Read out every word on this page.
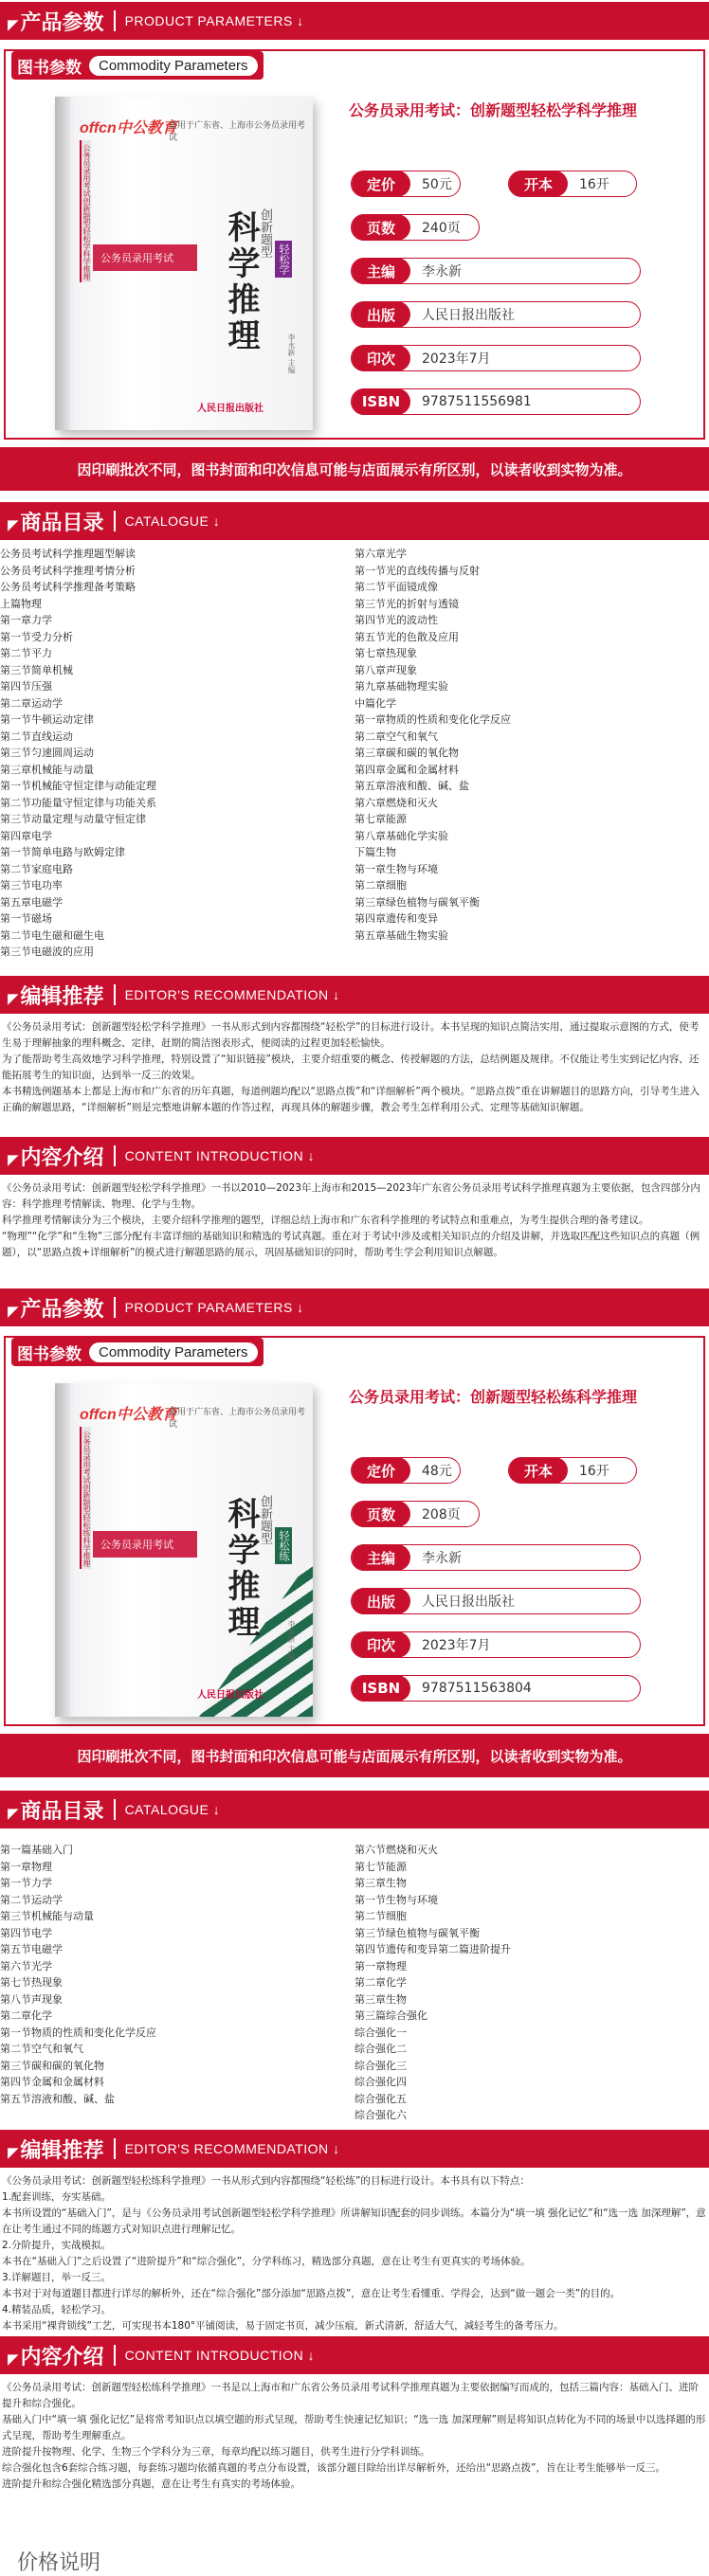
◤产品参数 PRODUCT PARAMETERS ↓
图书参数	Commodity Parameters
offcn中公教育
适用于广东省、上海市公务员录用考试
公务员录用考试创新题型轻松学科学推理 公务员录用考试	科学推理
创新题型
轻松学
李永新 主编
人民日报出版社
公务员录用考试：创新题型轻松学科学推理
定价	50元	开本	16开
页数	240页
主编	李永新
出版	人民日报出版社
印次	2023年7月
ISBN	9787511556981
因印刷批次不同，图书封面和印次信息可能与店面展示有所区别，以读者收到实物为准。
◤商品目录 CATALOGUE ↓
公务员考试科学推理题型解读
公务员考试科学推理考情分析
公务员考试科学推理备考策略
上篇物理
第一章力学
第一节受力分析
第二节平力
第三节简单机械
第四节压强
第二章运动学
第一节牛顿运动定律
第二节直线运动
第三节匀速圆周运动
第三章机械能与动量
第一节机械能守恒定律与动能定理
第二节功能量守恒定律与功能关系
第三节动量定理与动量守恒定律
第四章电学
第一节简单电路与欧姆定律
第二节家庭电路
第三节电功率
第五章电磁学
第一节磁场
第二节电生磁和磁生电
第三节电磁波的应用
第六章光学
第一节光的直线传播与反射
第二节平面镜成像
第三节光的折射与透镜
第四节光的波动性
第五节光的色散及应用
第七章热现象
第八章声现象
第九章基础物理实验
中篇化学
第一章物质的性质和变化化学反应
第二章空气和氧气
第三章碳和碳的氧化物
第四章金属和金属材料
第五章溶液和酸、碱、盐
第六章燃烧和灭火
第七章能源
第八章基础化学实验
下篇生物
第一章生物与环境
第二章细胞
第三章绿色植物与碳氧平衡
第四章遗传和变异
第五章基础生物实验
◤编辑推荐 EDITOR'S RECOMMENDATION ↓

《公务员录用考试：创新题型轻松学科学推理》一书从形式到内容都围绕“轻松学”的目标进行设计。本书呈现的知识点简洁实用，通过提取示意图的方式，使考生易于理解抽象的理科概念、定律，赶期的简洁图表形式，便阅读的过程更加轻松愉快。

为了能帮助考生高效地学习科学推理，特别设置了“知识链接”模块，主要介绍重要的概念、传授解题的方法，总结例题及规律。不仅能让考生实到记忆内容，还能拓展考生的知识面，达到举一反三的效果。

本书精选例题基本上都是上海市和广东省的历年真题，每道例题均配以“思路点拨”和“详细解析”两个模块。“思路点拨”重在讲解题目的思路方向，引导考生进入正确的解题思路，“详细解析”则是完整地讲解本题的作答过程，再现具体的解题步骤，教会考生怎样利用公式、定理等基础知识解题。

◤内容介绍 CONTENT INTRODUCTION ↓

《公务员录用考试：创新题型轻松学科学推理》一书以2010—2023年上海市和2015—2023年广东省公务员录用考试科学推理真题为主要依据，包含四部分内容：科学推理考情解读、物理、化学与生物。

科学推理考情解读分为三个模块，主要介绍科学推理的题型，详细总结上海市和广东省科学推理的考试特点和重难点，为考生提供合理的备考建议。

“物理”“化学”和“生物”三部分配有丰富详细的基础知识和精选的考试真题。重在对于考试中涉及或相关知识点的介绍及讲解，并选取匹配这些知识点的真题（例题），以“思路点拨+详细解析”的模式进行解题思路的展示，巩固基础知识的同时，帮助考生学会利用知识点解题。

◤产品参数 PRODUCT PARAMETERS ↓
图书参数	Commodity Parameters
offcn中公教育
适用于广东省、上海市公务员录用考试
公务员录用考试创新题型轻松练科学推理 公务员录用考试	科学推理
创新题型
轻松练
李永新 主编
人民日报出版社
公务员录用考试：创新题型轻松练科学推理
定价	48元	开本	16开
页数	208页
主编	李永新
出版	人民日报出版社
印次	2023年7月
ISBN	9787511563804
因印刷批次不同，图书封面和印次信息可能与店面展示有所区别，以读者收到实物为准。
◤商品目录 CATALOGUE ↓
第一篇基础入门
第一章物理
第一节力学
第二节运动学
第三节机械能与动量
第四节电学
第五节电磁学
第六节光学
第七节热现象
第八节声现象
第二章化学
第一节物质的性质和变化化学反应
第二节空气和氧气
第三节碳和碳的氧化物
第四节金属和金属材料
第五节溶液和酸、碱、盐
第六节燃烧和灭火
第七节能源
第三章生物
第一节生物与环境
第二节细胞
第三节绿色植物与碳氧平衡
第四节遗传和变异第二篇进阶提升
第一章物理
第二章化学
第三章生物
第三篇综合强化
综合强化一
综合强化二
综合强化三
综合强化四
综合强化五
综合强化六
◤编辑推荐 EDITOR'S RECOMMENDATION ↓

《公务员录用考试：创新题型轻松练科学推理》一书从形式到内容都围绕“轻松练”的目标进行设计。本书具有以下特点：

1.配套训练，夯实基础。

本书所设置的“基础入门”，是与《公务员录用考试创新题型轻松学科学推理》所讲解知识配套的同步训练。本篇分为“填一填 强化记忆”和“选一选 加深理解”，意在让考生通过不同的练题方式对知识点进行理解记忆。

2.分阶提升，实战模拟。

本书在“基础入门”之后设置了“进阶提升”和“综合强化”，分学科练习，精选部分真题，意在让考生有更真实的考场体验。

3.详解题目，举一反三。

本书对于对每道题目都进行详尽的解析外，还在“综合强化”部分添加“思路点拨”，意在让考生看懂重、学得会，达到“做一题会一类”的目的。

4.精装品质，轻松学习。

本书采用“裸背锁线”工艺，可实现书本180°平铺阅读，易于固定书页，减少压痕，新式清新，舒适大气，减轻考生的备考压力。

◤内容介绍 CONTENT INTRODUCTION ↓

《公务员录用考试：创新题型轻松练科学推理》一书是以上海市和广东省公务员录用考试科学推理真题为主要依据编写而成的，包括三篇内容：基础入门、进阶提升和综合强化。

基础入门中“填一填 强化记忆”是将常考知识点以填空题的形式呈现，帮助考生快速记忆知识；“选一选 加深理解”则是将知识点转化为不同的场景中以选择题的形式呈现，帮助考生理解重点。

进阶提升按物理、化学、生物三个学科分为三章，每章均配以练习题目，供考生进行分学科训练。

综合强化包含6套综合练习题，每套练习题均依循真题的考点分布设置，该部分题目除给出详尽解析外，还给出“思路点拨”，旨在让考生能够举一反三。

进阶提升和综合强化精选部分真题，意在让考生有真实的考场体验。

价格说明
